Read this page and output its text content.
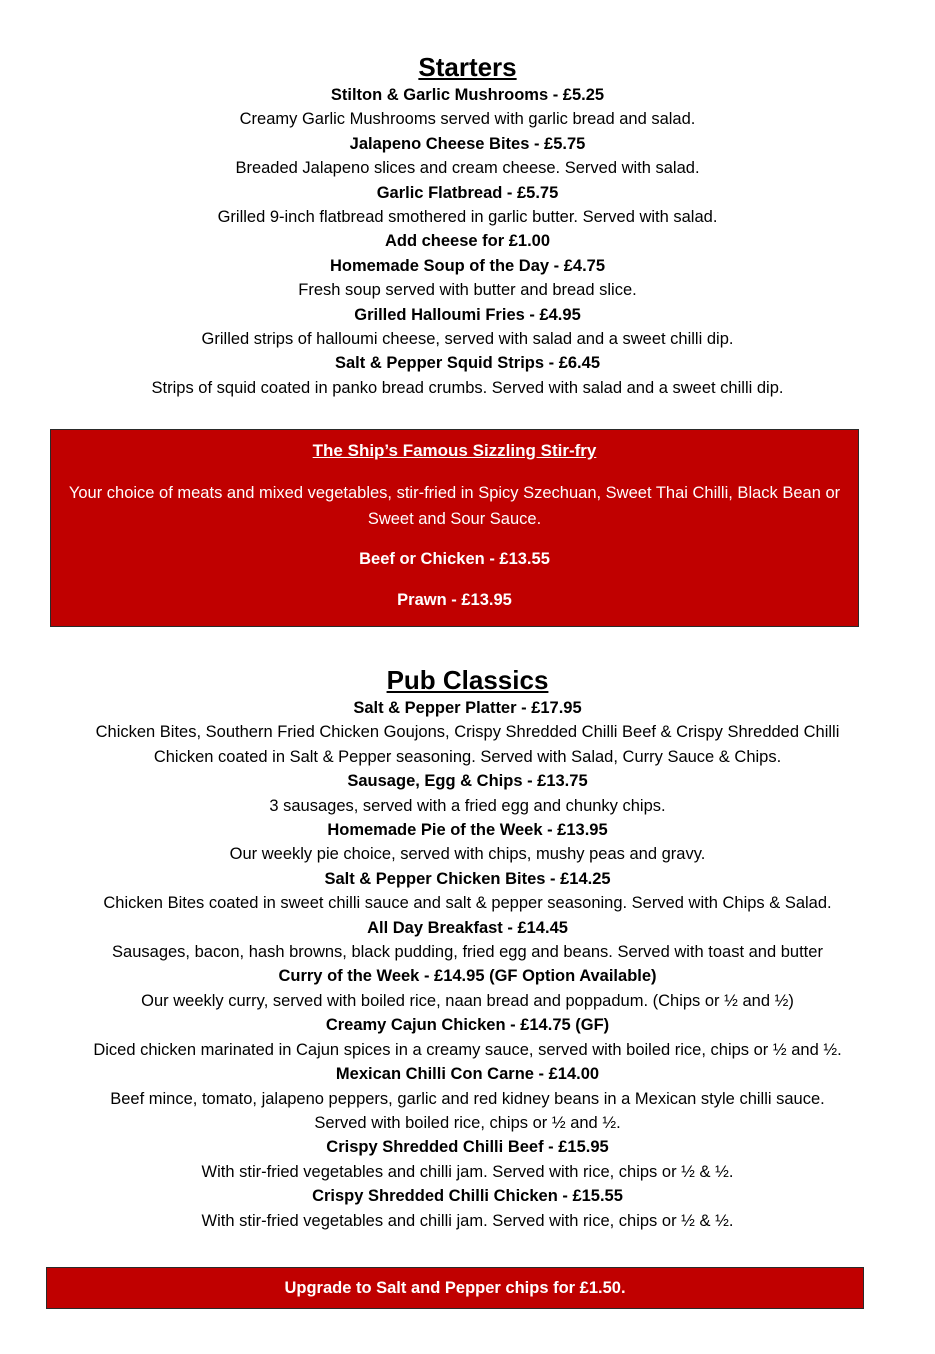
Starters

Stilton & Garlic Mushrooms - £5.25

Creamy Garlic Mushrooms served with garlic bread and salad.

Jalapeno Cheese Bites - £5.75

Breaded Jalapeno slices and cream cheese. Served with salad.

Garlic Flatbread - £5.75

Grilled 9-inch flatbread smothered in garlic butter. Served with salad.

Add cheese for £1.00

Homemade Soup of the Day - £4.75

Fresh soup served with butter and bread slice.

Grilled Halloumi Fries - £4.95

Grilled strips of halloumi cheese, served with salad and a sweet chilli dip.

Salt & Pepper Squid Strips - £6.45

Strips of squid coated in panko bread crumbs. Served with salad and a sweet chilli dip.

The Ship’s Famous Sizzling Stir-fry
Your choice of meats and mixed vegetables, stir-fried in Spicy Szechuan, Sweet Thai Chilli, Black Bean or Sweet and Sour Sauce.
Beef or Chicken - £13.55
Prawn - £13.95
Pub Classics

Salt & Pepper Platter - £17.95

Chicken Bites, Southern Fried Chicken Goujons, Crispy Shredded Chilli Beef & Crispy Shredded Chilli

Chicken coated in Salt & Pepper seasoning. Served with Salad, Curry Sauce & Chips.

Sausage, Egg & Chips - £13.75

3 sausages, served with a fried egg and chunky chips.

Homemade Pie of the Week - £13.95

Our weekly pie choice, served with chips, mushy peas and gravy.

Salt & Pepper Chicken Bites - £14.25

Chicken Bites coated in sweet chilli sauce and salt & pepper seasoning. Served with Chips & Salad.

All Day Breakfast - £14.45

Sausages, bacon, hash browns, black pudding, fried egg and beans. Served with toast and butter

Curry of the Week - £14.95 (GF Option Available)

Our weekly curry, served with boiled rice, naan bread and poppadum. (Chips or ½ and ½)

Creamy Cajun Chicken - £14.75 (GF)

Diced chicken marinated in Cajun spices in a creamy sauce, served with boiled rice, chips or ½ and ½.

Mexican Chilli Con Carne - £14.00

Beef mince, tomato, jalapeno peppers, garlic and red kidney beans in a Mexican style chilli sauce.

Served with boiled rice, chips or ½ and ½.

Crispy Shredded Chilli Beef - £15.95

With stir-fried vegetables and chilli jam. Served with rice, chips or ½ & ½.

Crispy Shredded Chilli Chicken - £15.55

With stir-fried vegetables and chilli jam. Served with rice, chips or ½ & ½.

Upgrade to Salt and Pepper chips for £1.50.
